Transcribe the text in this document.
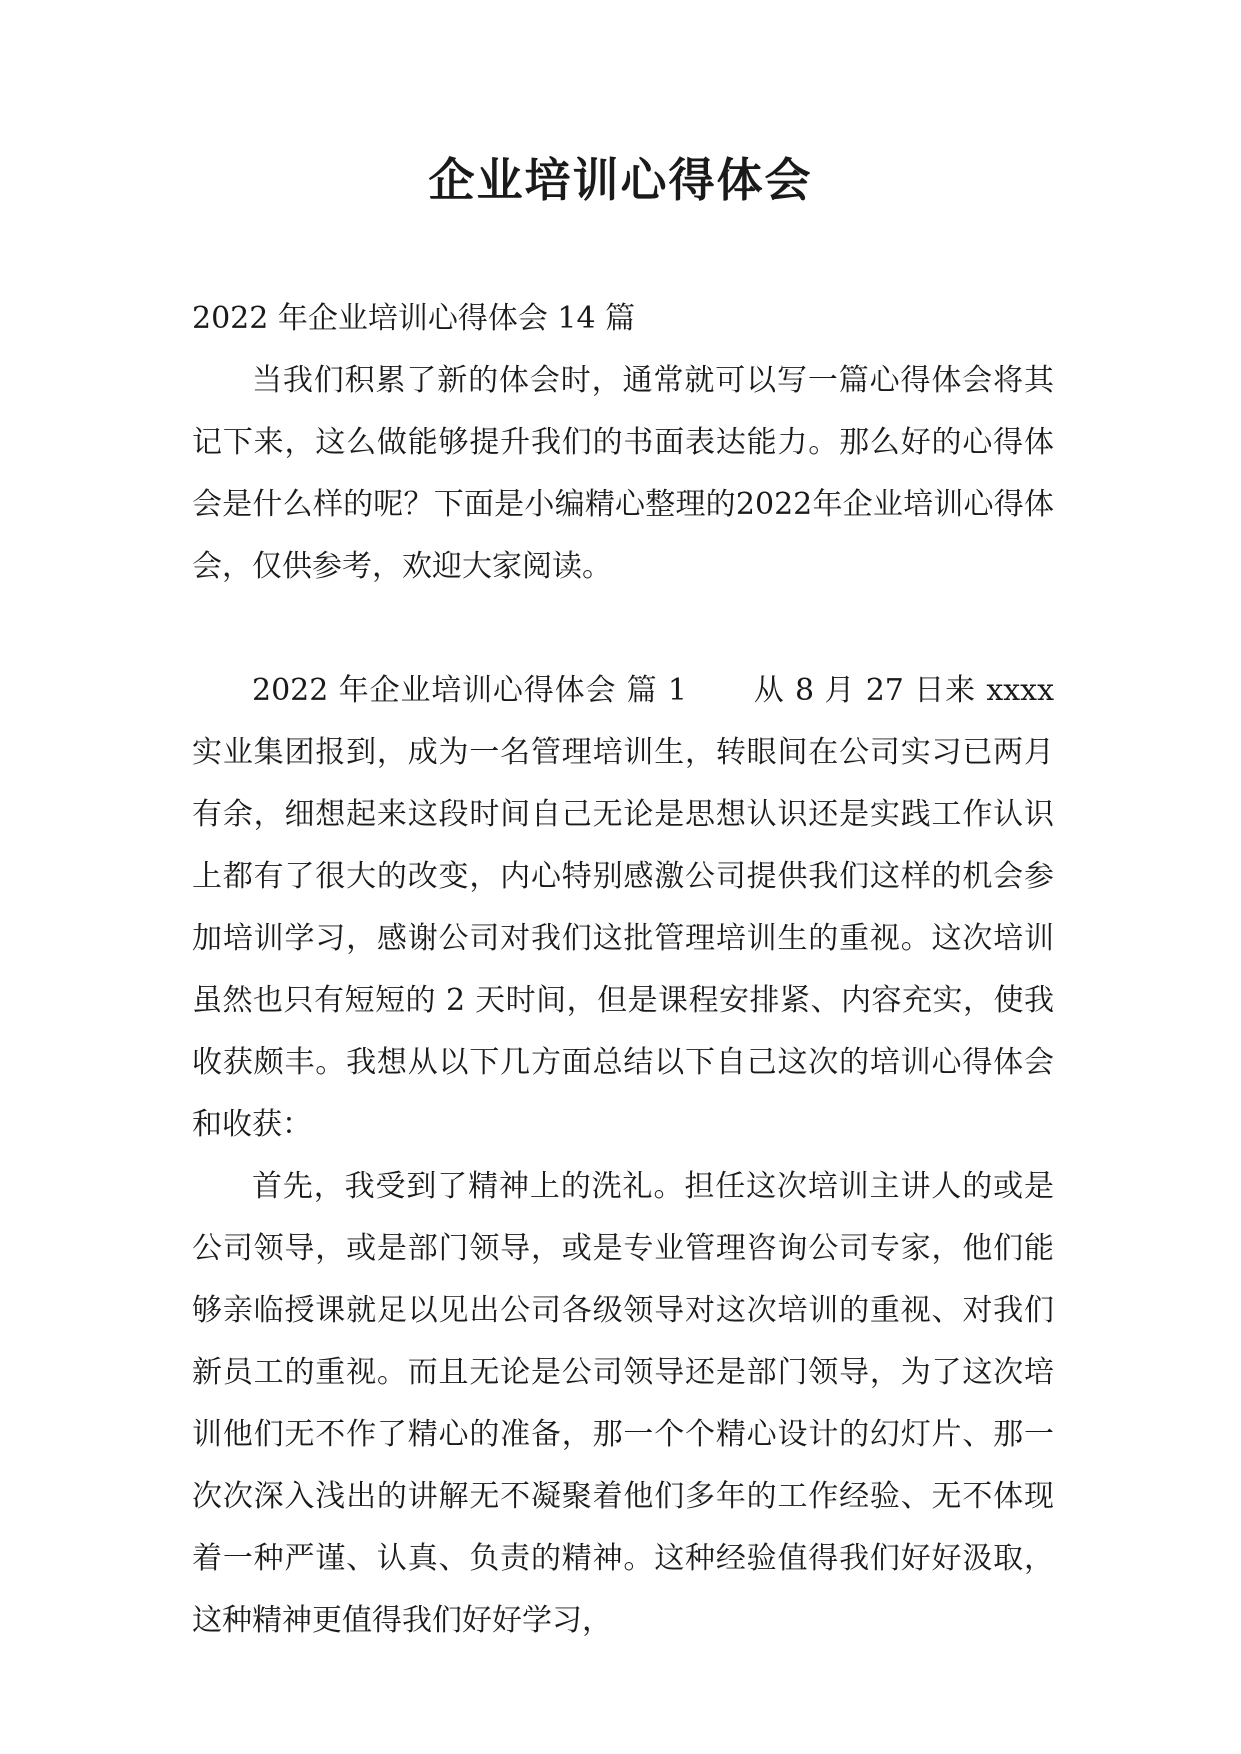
企业培训心得体会

2022 年企业培训心得体会 14 篇

当我们积累了新的体会时，通常就可以写一篇心得体会将其记下来，这么做能够提升我们的书面表达能力。那么好的心得体会是什么样的呢？下面是小编精心整理的2022年企业培训心得体会，仅供参考，欢迎大家阅读。

2022 年企业培训心得体会 篇 1 从 8 月 27 日来 xxxx 实业集团报到，成为一名管理培训生，转眼间在公司实习已两月有余，细想起来这段时间自己无论是思想认识还是实践工作认识上都有了很大的改变，内心特别感激公司提供我们这样的机会参加培训学习，感谢公司对我们这批管理培训生的重视。这次培训虽然也只有短短的 2 天时间，但是课程安排紧、内容充实，使我收获颇丰。我想从以下几方面总结以下自己这次的培训心得体会和收获：

首先，我受到了精神上的洗礼。担任这次培训主讲人的或是公司领导，或是部门领导，或是专业管理咨询公司专家，他们能够亲临授课就足以见出公司各级领导对这次培训的重视、对我们新员工的重视。而且无论是公司领导还是部门领导，为了这次培训他们无不作了精心的准备，那一个个精心设计的幻灯片、那一次次深入浅出的讲解无不凝聚着他们多年的工作经验、无不体现着一种严谨、认真、负责的精神。这种经验值得我们好好汲取，这种精神更值得我们好好学习，
